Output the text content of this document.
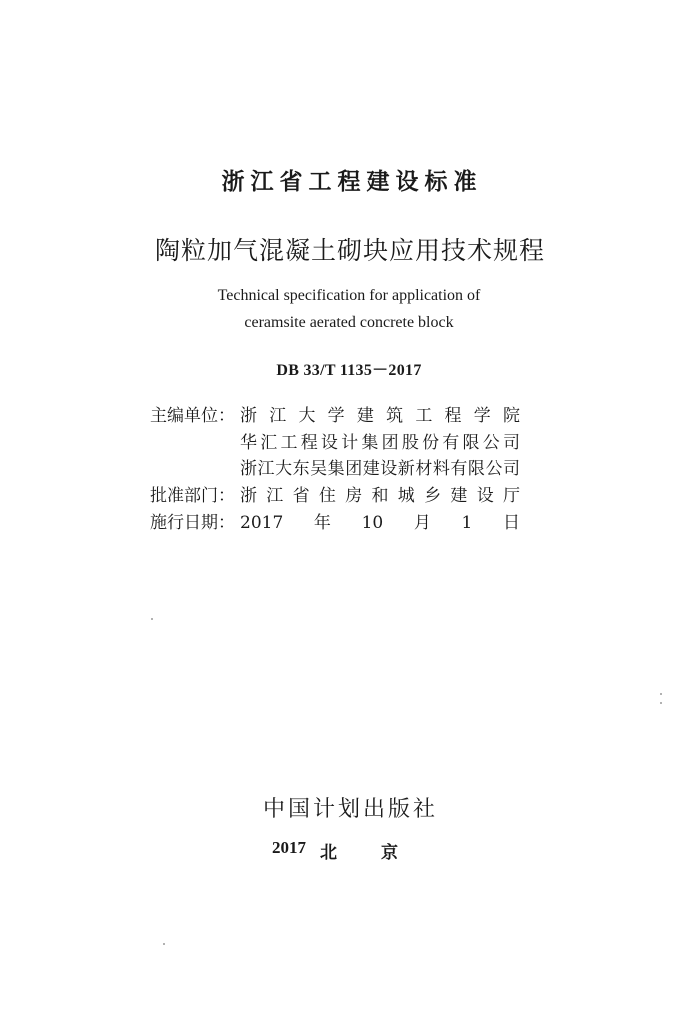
浙江省工程建设标准
陶粒加气混凝土砌块应用技术规程
Technical specification for application of
ceramsite aerated concrete block
DB 33/T 1135－2017
主编单位： 浙江大学建筑工程学院
华汇工程设计集团股份有限公司
浙江大东吴集团建设新材料有限公司
批准部门： 浙江省住房和城乡建设厅
施行日期： 2017年10月1日
中国计划出版社
2017 北 京
